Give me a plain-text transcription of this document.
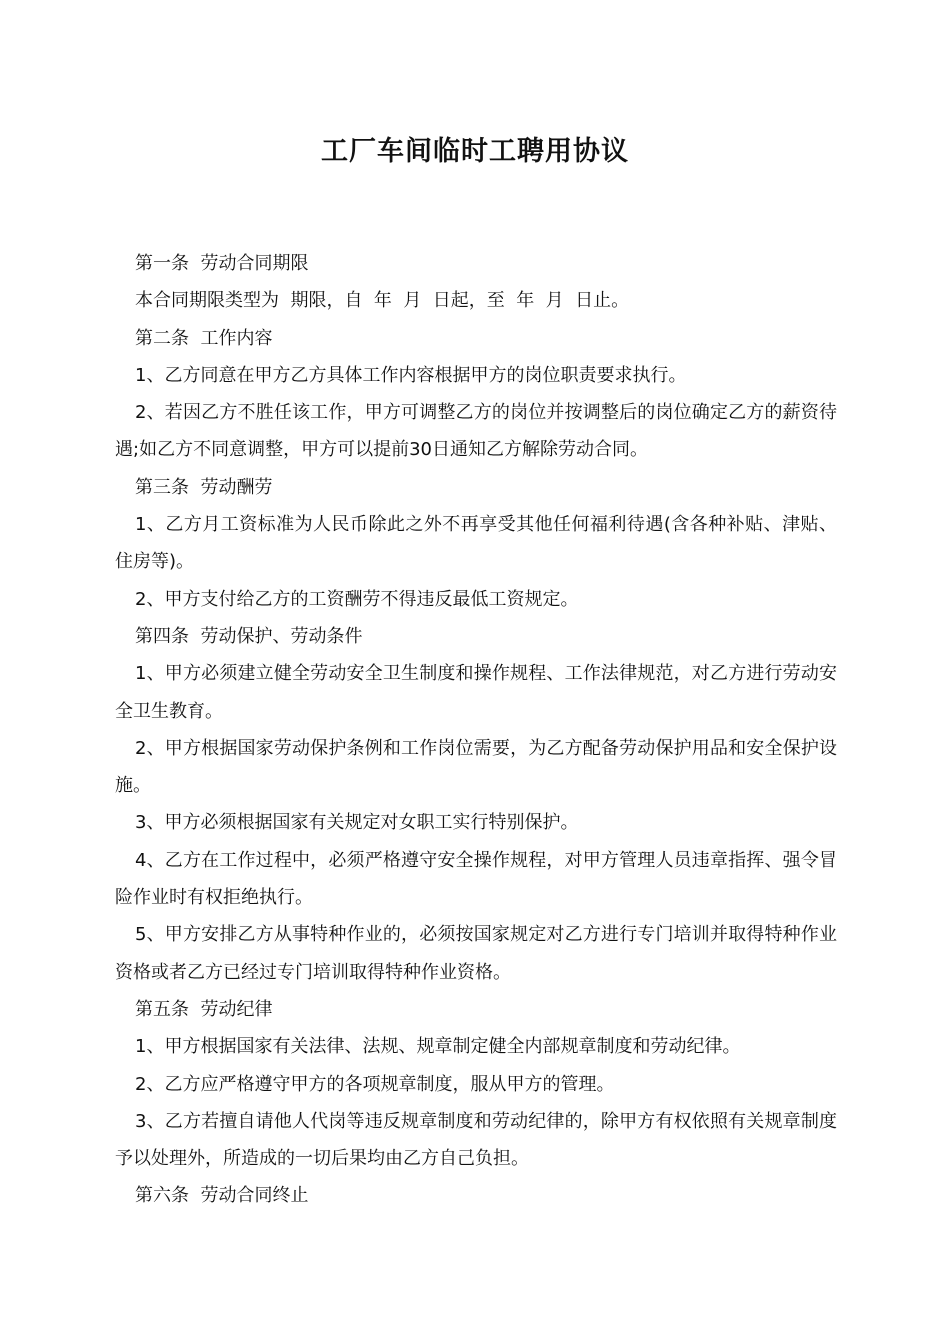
工厂车间临时工聘用协议

第一条  劳动合同期限

本合同期限类型为  期限，自  年  月  日起，至  年  月  日止。

第二条  工作内容

1、乙方同意在甲方乙方具体工作内容根据甲方的岗位职责要求执行。

2、若因乙方不胜任该工作，甲方可调整乙方的岗位并按调整后的岗位确定乙方的薪资待遇;如乙方不同意调整，甲方可以提前30日通知乙方解除劳动合同。

第三条  劳动酬劳

1、乙方月工资标准为人民币除此之外不再享受其他任何福利待遇(含各种补贴、津贴、住房等)。

2、甲方支付给乙方的工资酬劳不得违反最低工资规定。

第四条  劳动保护、劳动条件

1、甲方必须建立健全劳动安全卫生制度和操作规程、工作法律规范，对乙方进行劳动安全卫生教育。

2、甲方根据国家劳动保护条例和工作岗位需要，为乙方配备劳动保护用品和安全保护设施。

3、甲方必须根据国家有关规定对女职工实行特别保护。

4、乙方在工作过程中，必须严格遵守安全操作规程，对甲方管理人员违章指挥、强令冒险作业时有权拒绝执行。

5、甲方安排乙方从事特种作业的，必须按国家规定对乙方进行专门培训并取得特种作业资格或者乙方已经过专门培训取得特种作业资格。

第五条  劳动纪律

1、甲方根据国家有关法律、法规、规章制定健全内部规章制度和劳动纪律。

2、乙方应严格遵守甲方的各项规章制度，服从甲方的管理。

3、乙方若擅自请他人代岗等违反规章制度和劳动纪律的，除甲方有权依照有关规章制度予以处理外，所造成的一切后果均由乙方自己负担。

第六条  劳动合同终止
